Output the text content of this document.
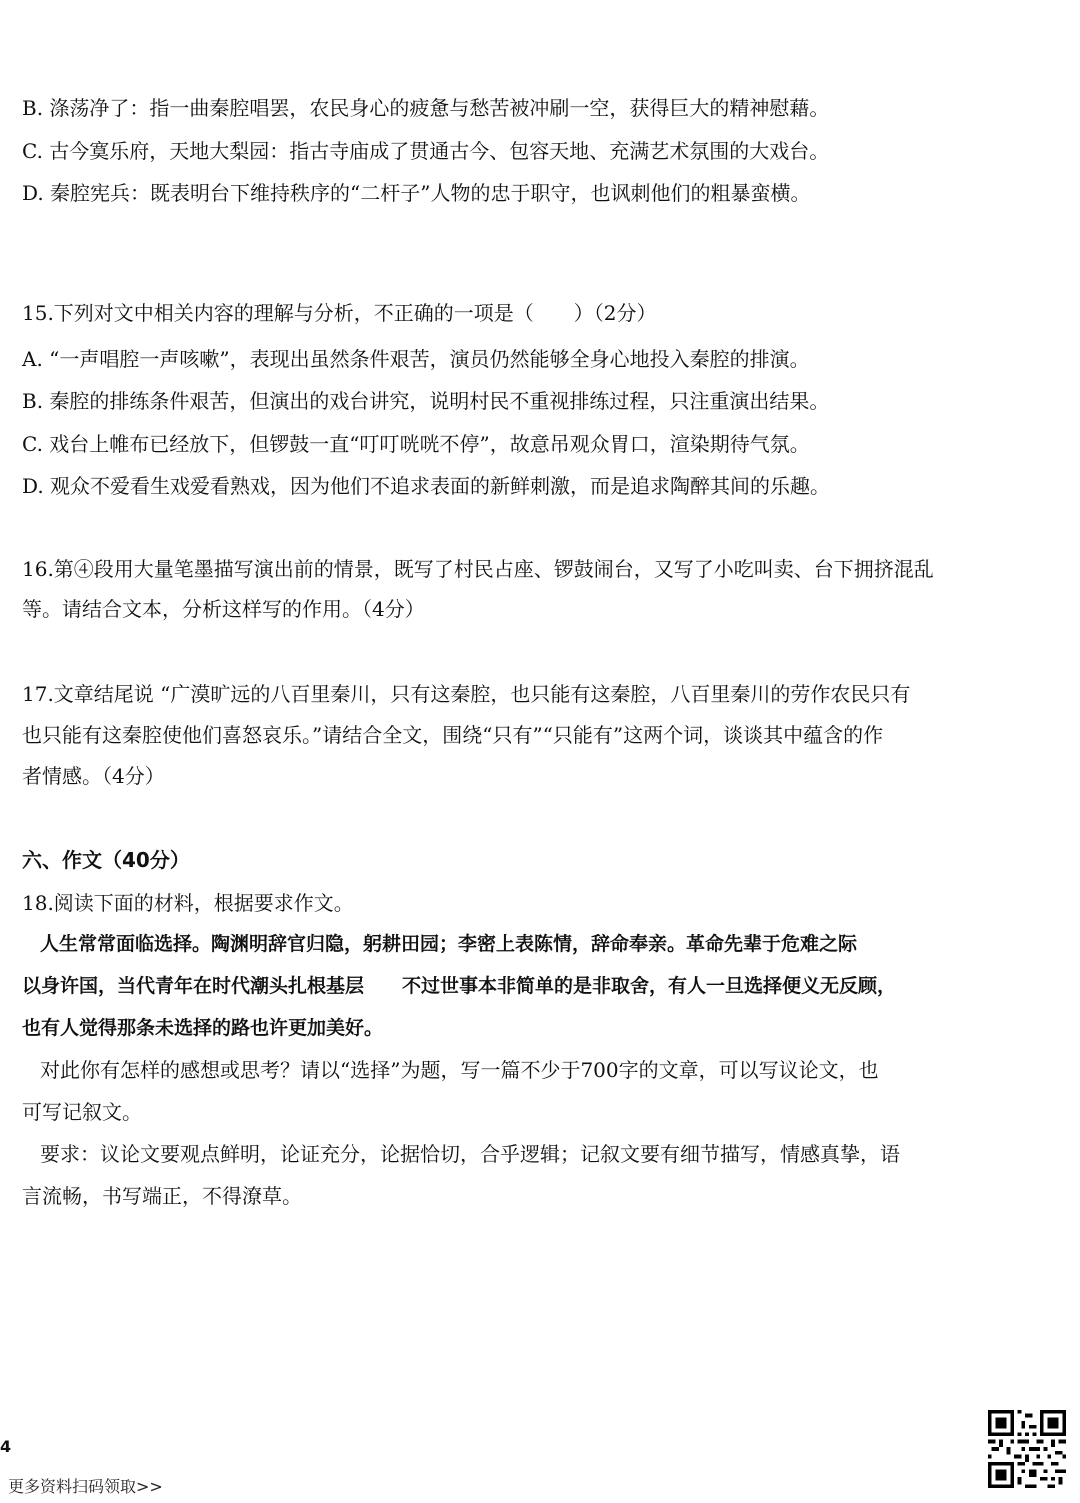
B. 涤荡净了：指一曲秦腔唱罢，农民身心的疲惫与愁苦被冲刷一空，获得巨大的精神慰藉。
C. 古今寞乐府，天地大梨园：指古寺庙成了贯通古今、包容天地、充满艺术氛围的大戏台。
D. 秦腔宪兵：既表明台下维持秩序的“二杆子”人物的忠于职守，也讽刺他们的粗暴蛮横。
15.下列对文中相关内容的理解与分析，不正确的一项是（　　）（2分）
A. “一声唱腔一声咳嗽”，表现出虽然条件艰苦，演员仍然能够全身心地投入秦腔的排演。
B. 秦腔的排练条件艰苦，但演出的戏台讲究，说明村民不重视排练过程，只注重演出结果。
C. 戏台上帷布已经放下，但锣鼓一直“叮叮咣咣不停”，故意吊观众胃口，渲染期待气氛。
D. 观众不爱看生戏爱看熟戏，因为他们不追求表面的新鲜刺激，而是追求陶醉其间的乐趣。
16.第④段用大量笔墨描写演出前的情景，既写了村民占座、锣鼓闹台，又写了小吃叫卖、台下拥挤混乱
等。请结合文本，分析这样写的作用。（4分）
17.文章结尾说 “广漠旷远的八百里秦川，只有这秦腔，也只能有这秦腔，八百里秦川的劳作农民只有
也只能有这秦腔使他们喜怒哀乐。”请结合全文，围绕“只有”“只能有”这两个词，谈谈其中蕴含的作
者情感。（4分）
六、作文（40分）
18.阅读下面的材料，根据要求作文。
人生常常面临选择。陶渊明辞官归隐，躬耕田园；李密上表陈情，辞命奉亲。革命先辈于危难之际
以身许国，当代青年在时代潮头扎根基层　　不过世事本非简单的是非取舍，有人一旦选择便义无反顾，
也有人觉得那条未选择的路也许更加美好。
对此你有怎样的感想或思考？请以“选择”为题，写一篇不少于700字的文章，可以写议论文，也
可写记叙文。
要求：议论文要观点鲜明，论证充分，论据恰切，合乎逻辑；记叙文要有细节描写，情感真挚，语
言流畅，书写端正，不得潦草。
4
更多资料扫码领取>>
